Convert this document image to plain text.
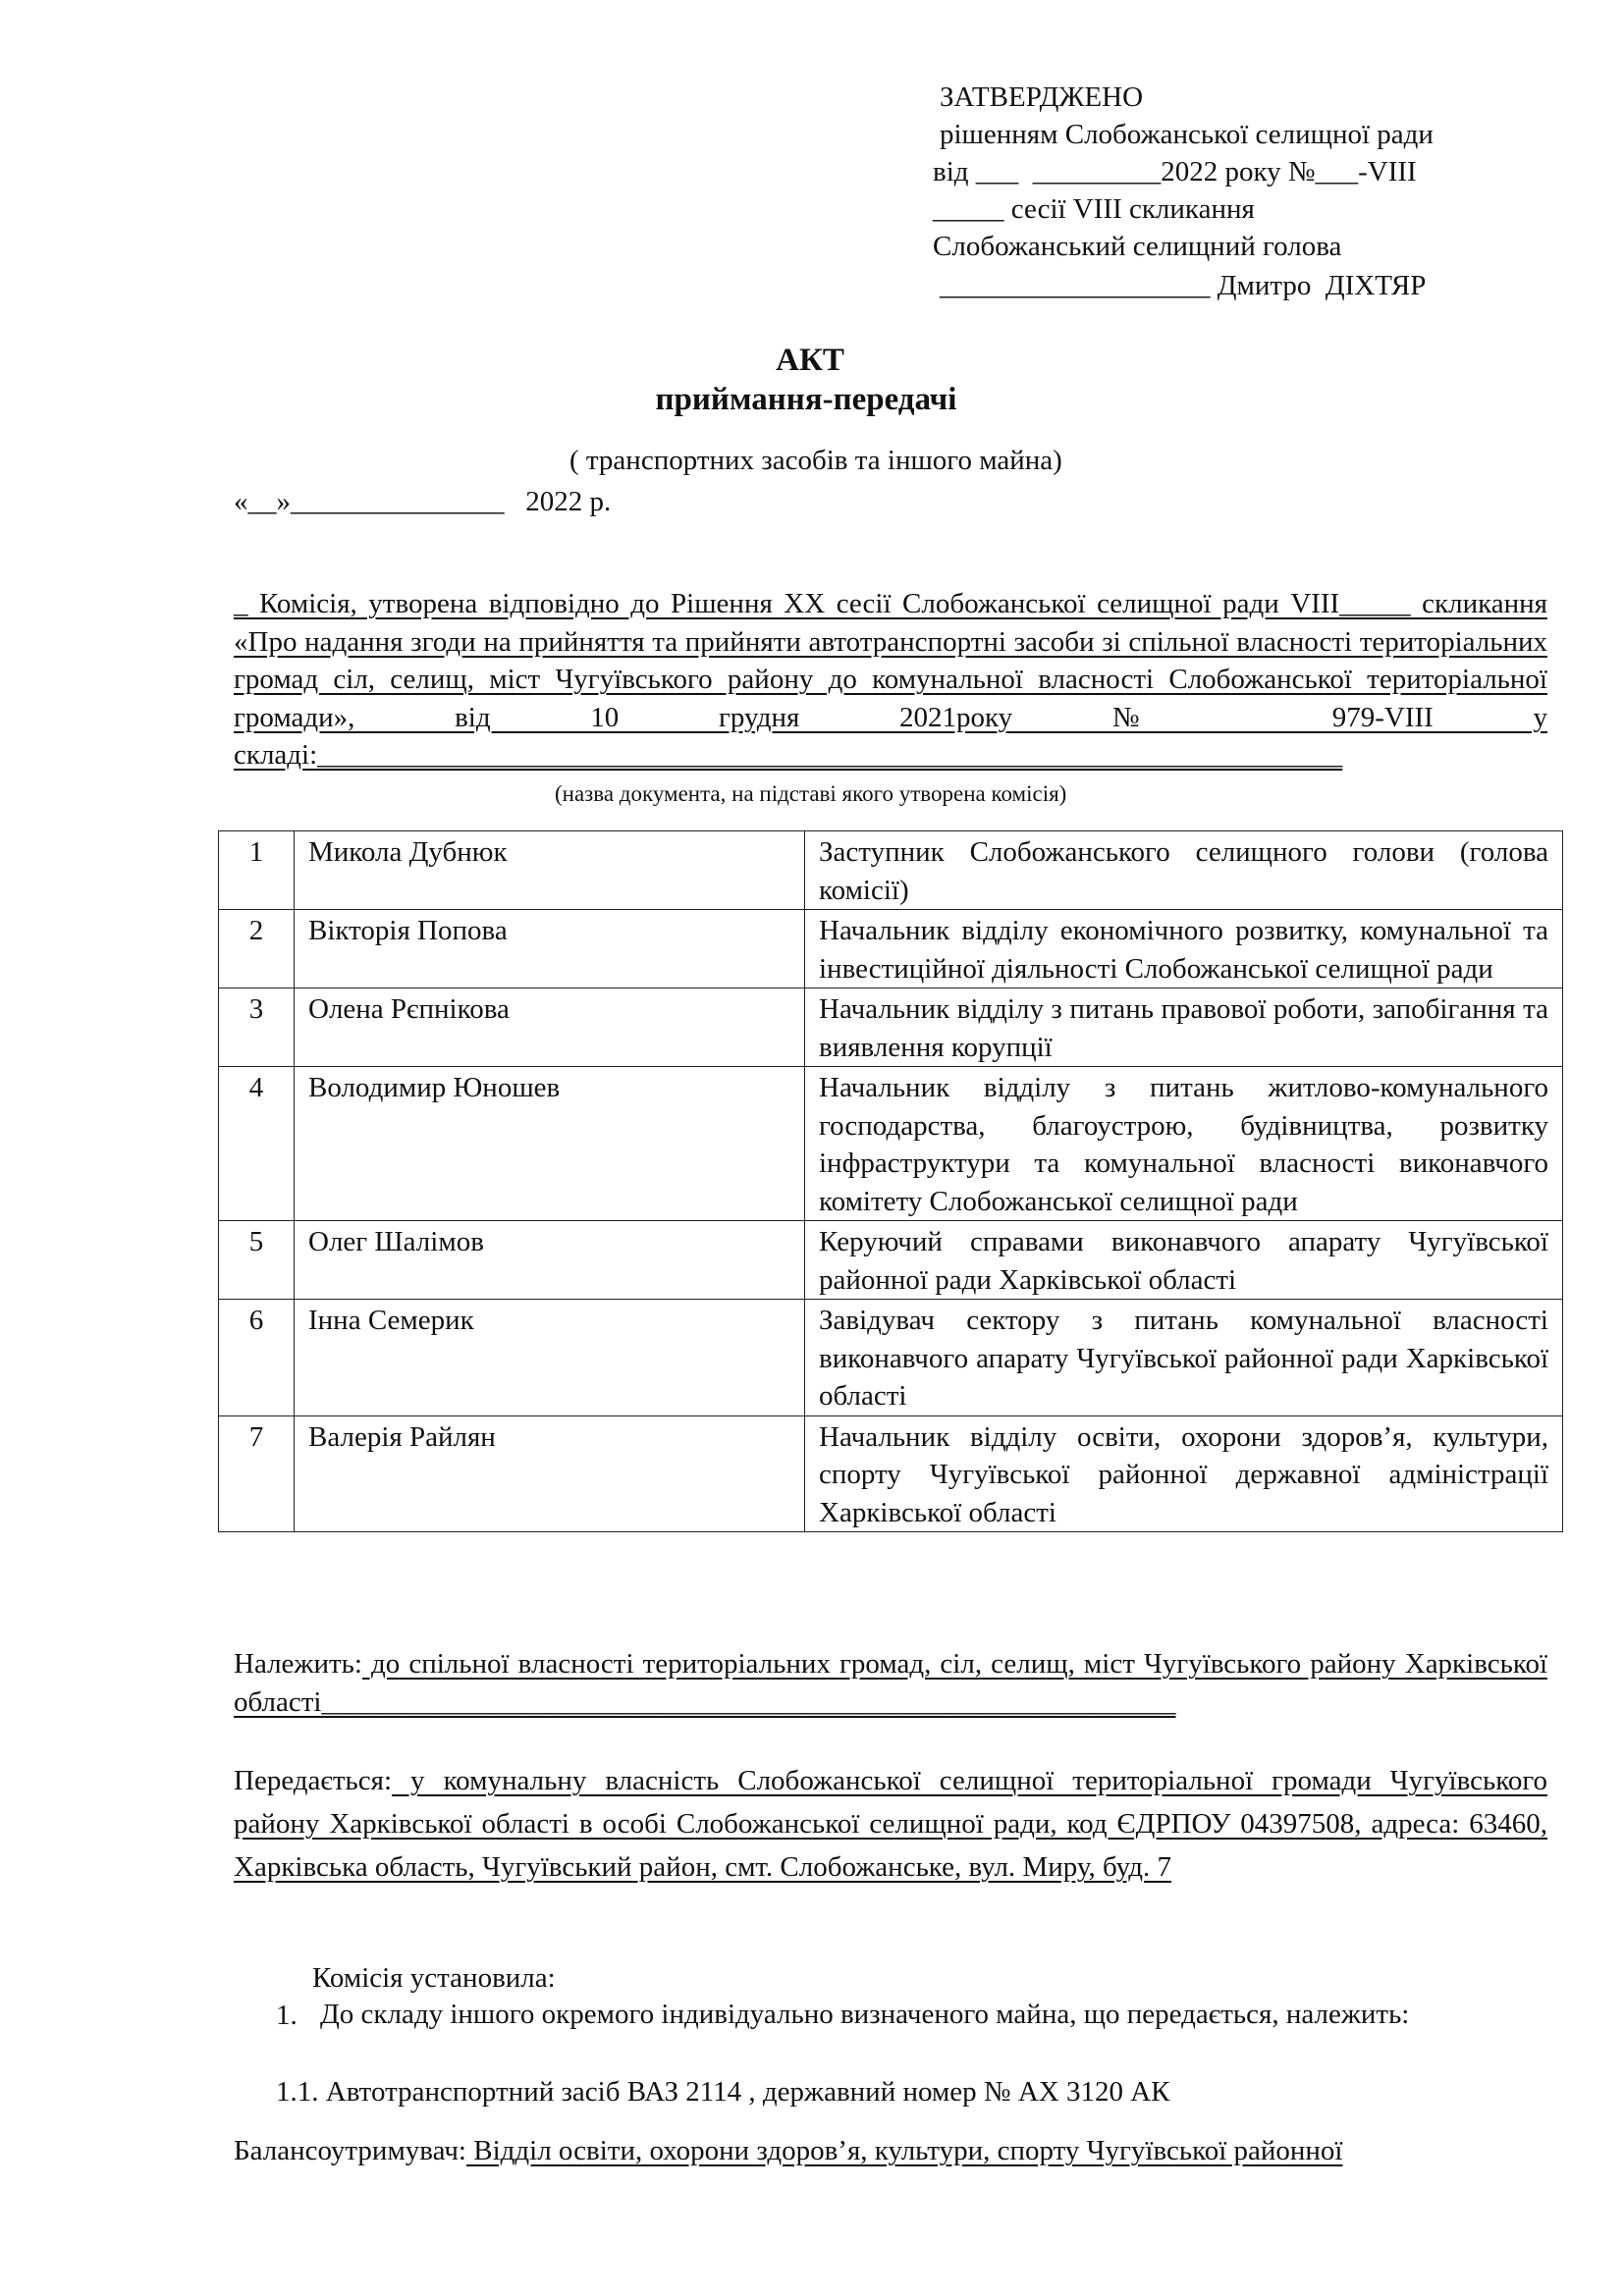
ЗАТВЕРДЖЕНО
рішенням Слобожанської селищної ради
від ___  _________2022 року №___-VIII
_____ сесії VIII скликання
Слобожанський селищний голова
___________________ Дмитро  ДІХТЯР
АКТ
приймання-передачі
( транспортних засобів та іншого майна)
«__»_______________   2022 р.
_ Комісія, утворена відповідно до Рішення ХХ сесії Слобожанської селищної ради VIII_____ скликання «Про надання згоди на прийняття та прийняти автотранспортні засоби зі спільної власності територіальних громад сіл, селищ, міст Чугуївського району до комунальної власності Слобожанської територіальної громади», від 10 грудня 2021року № 979-VIII у складі:________________________________________________________________________
(назва документа, на підставі якого утворена комісія)
1	Микола Дубнюк	Заступник Слобожанського селищного голови (голова комісії)
2	Вікторія Попова	Начальник відділу економічного розвитку, комунальної та інвестиційної діяльності Слобожанської селищної ради
3	Олена Рєпнікова	Начальник відділу з питань правової роботи, запобігання та виявлення корупції
4	Володимир Юношев	Начальник відділу з питань житлово-комунального господарства, благоустрою, будівництва, розвитку інфраструктури та комунальної власності виконавчого комітету Слобожанської селищної ради
5	Олег Шалімов	Керуючий справами виконавчого апарату Чугуївської районної ради Харківської області
6	Інна Семерик	Завідувач сектору з питань комунальної власності виконавчого апарату Чугуївської районної ради Харківської області
7	Валерія Райлян	Начальник відділу освіти, охорони здоров’я, культури, спорту Чугуївської районної державної адміністрації Харківської області
Належить: до спільної власності територіальних громад, сіл, селищ, міст Чугуївського району Харківської області____________________________________________________________
Передається: у комунальну власність Слобожанської селищної територіальної громади Чугуївського району Харківської області в особі Слобожанської селищної ради, код ЄДРПОУ 04397508, адреса: 63460, Харківська область, Чугуївський район, смт. Слобожанське, вул. Миру, буд. 7
Комісія установила:
1. До складу іншого окремого індивідуально визначеного майна, що передається, належить:
1.1. Автотранспортний засіб ВАЗ 2114 , державний номер № АХ 3120 АК
Балансоутримувач: Відділ освіти, охорони здоров’я, культури, спорту Чугуївської районної
